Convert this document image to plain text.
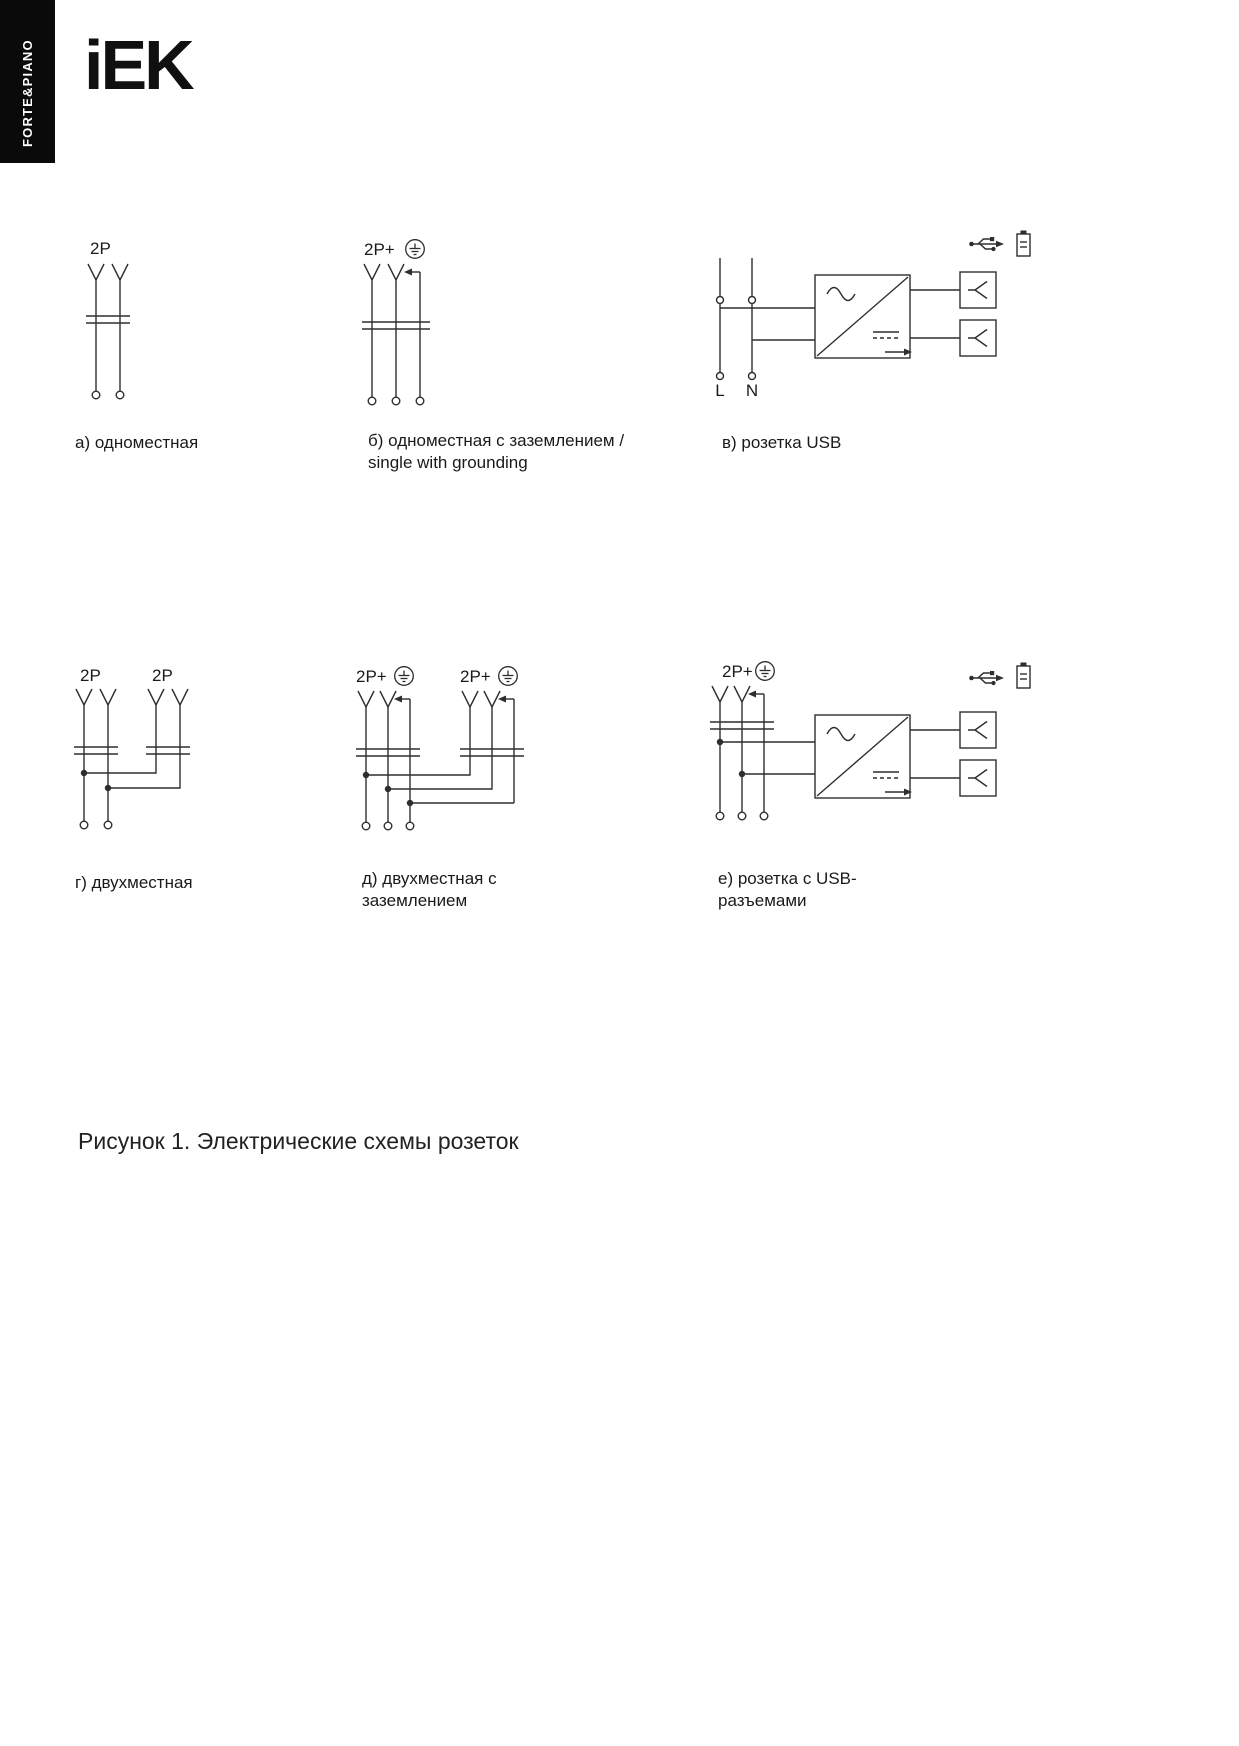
FORTE&PIANO iEK
2P
а) одноместная
2P+
б) одноместная с заземлением / single with grounding
L N
в) розетка USB
2P	2P
г) двухместная
2P+	2P+
д) двухместная с заземлением
2P+
е) розетка с USB-разъемами
Рисунок 1. Электрические схемы розеток
